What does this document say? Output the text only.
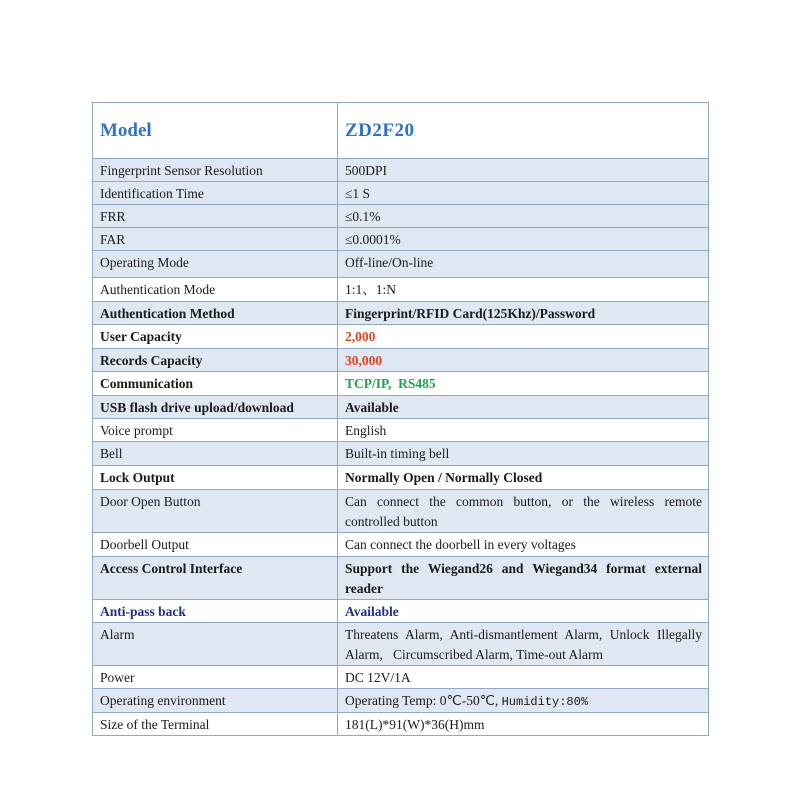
Model	ZD2F20
Fingerprint Sensor Resolution	500DPI
Identification Time	≤1 S
FRR	≤0.1%
FAR	≤0.0001%
Operating Mode	Off-line/On-line
Authentication Mode	1:1、1:N
Authentication Method	Fingerprint/RFID Card(125Khz)/Password
User Capacity	2,000
Records Capacity	30,000
Communication	TCP/IP,  RS485
USB flash drive upload/download	Available
Voice prompt	English
Bell	Built-in timing bell
Lock Output	Normally Open / Normally Closed
Door Open Button	Can connect the common button, or the wireless remote controlled button
Doorbell Output	Can connect the doorbell in every voltages
Access Control Interface	Support the Wiegand26 and Wiegand34 format external reader
Anti-pass back	Available
Alarm	Threatens Alarm, Anti-dismantlement Alarm, Unlock Illegally Alarm,   Circumscribed Alarm, Time-out Alarm
Power	DC 12V/1A
Operating environment	Operating Temp: 0℃-50℃, Humidity:80%
Size of the Terminal	181(L)*91(W)*36(H)mm
